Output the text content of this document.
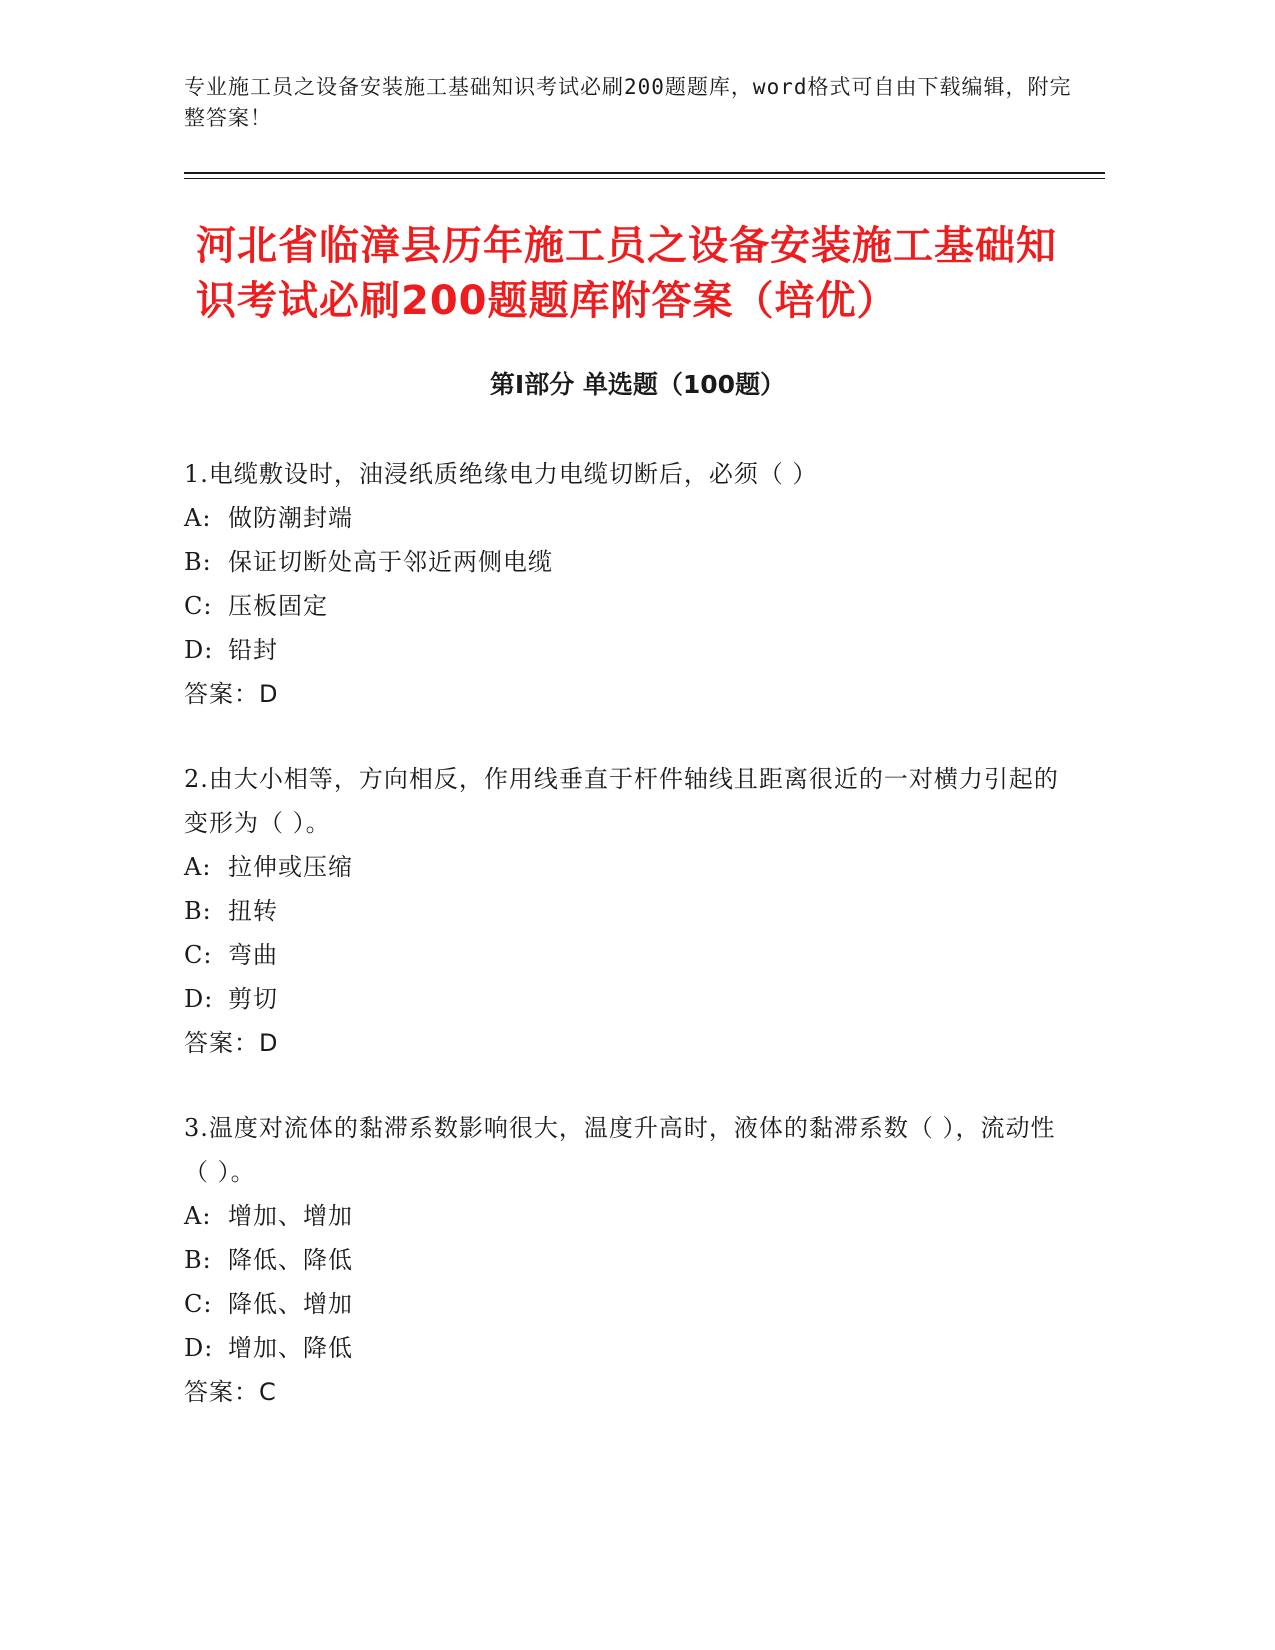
专业施工员之设备安装施工基础知识考试必刷200题题库，word格式可自由下载编辑，附完整答案！
河北省临漳县历年施工员之设备安装施工基础知识考试必刷200题题库附答案（培优）
第Ⅰ部分 单选题（100题）

1.电缆敷设时，油浸纸质绝缘电力电缆切断后，必须（ ）

A: 做防潮封端

B: 保证切断处高于邻近两侧电缆

C: 压板固定

D: 铅封

答案：D

2.由大小相等，方向相反，作用线垂直于杆件轴线且距离很近的一对横力引起的变形为（ ）。

A: 拉伸或压缩

B: 扭转

C: 弯曲

D: 剪切

答案：D

3.温度对流体的黏滞系数影响很大，温度升高时，液体的黏滞系数（ ），流动性（ ）。

A: 增加、增加

B: 降低、降低

C: 降低、增加

D: 增加、降低

答案：C
